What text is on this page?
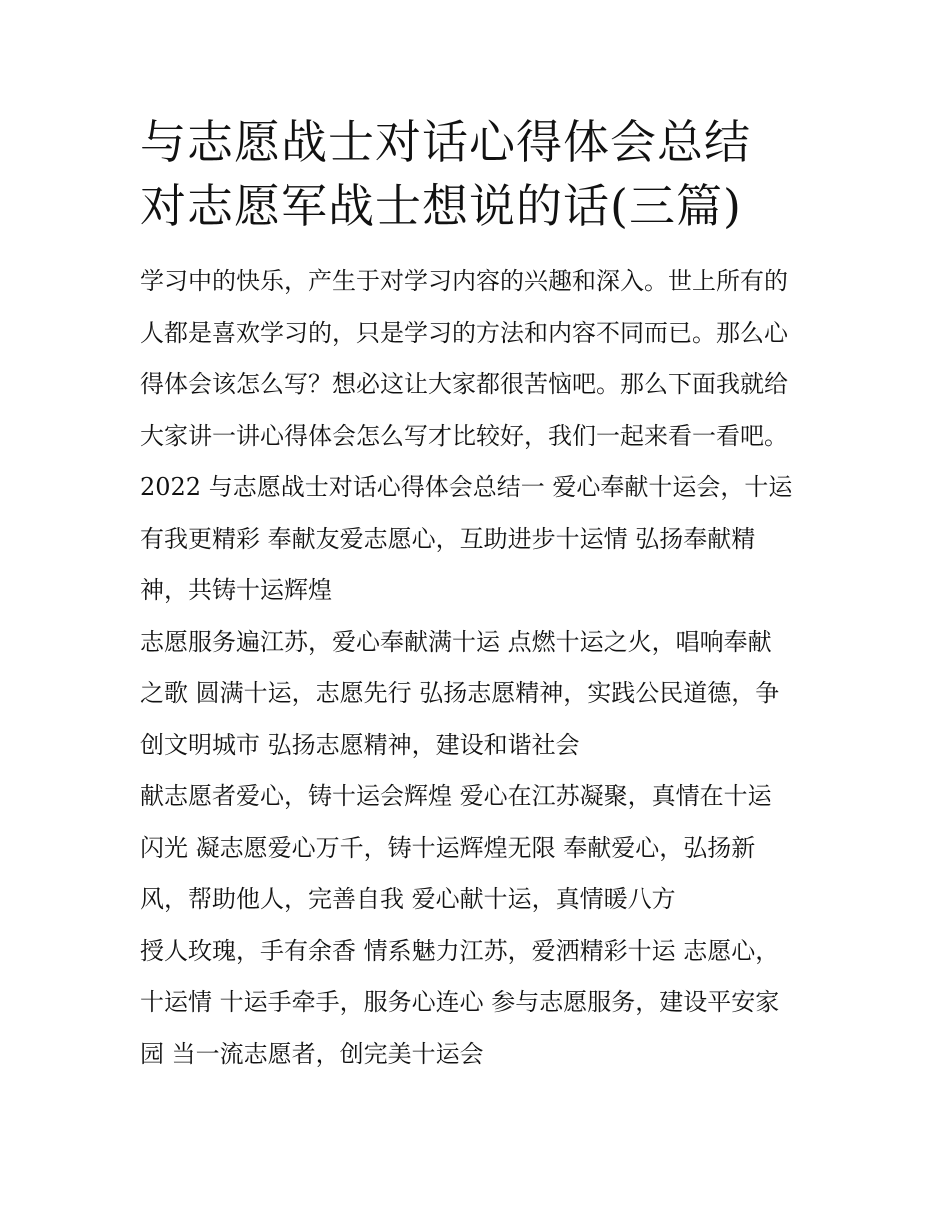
与志愿战士对话心得体会总结
对志愿军战士想说的话(三篇)
学习中的快乐，产生于对学习内容的兴趣和深入。世上所有的
人都是喜欢学习的，只是学习的方法和内容不同而已。那么心
得体会该怎么写？想必这让大家都很苦恼吧。那么下面我就给
大家讲一讲心得体会怎么写才比较好，我们一起来看一看吧。
2022 与志愿战士对话心得体会总结一 爱心奉献十运会，十运
有我更精彩 奉献友爱志愿心，互助进步十运情 弘扬奉献精
神，共铸十运辉煌
志愿服务遍江苏，爱心奉献满十运 点燃十运之火，唱响奉献
之歌 圆满十运，志愿先行 弘扬志愿精神，实践公民道德，争
创文明城市 弘扬志愿精神，建设和谐社会
献志愿者爱心，铸十运会辉煌 爱心在江苏凝聚，真情在十运
闪光 凝志愿爱心万千，铸十运辉煌无限 奉献爱心，弘扬新
风，帮助他人，完善自我 爱心献十运，真情暖八方
授人玫瑰，手有余香 情系魅力江苏，爱洒精彩十运 志愿心，
十运情 十运手牵手，服务心连心 参与志愿服务，建设平安家
园 当一流志愿者，创完美十运会
